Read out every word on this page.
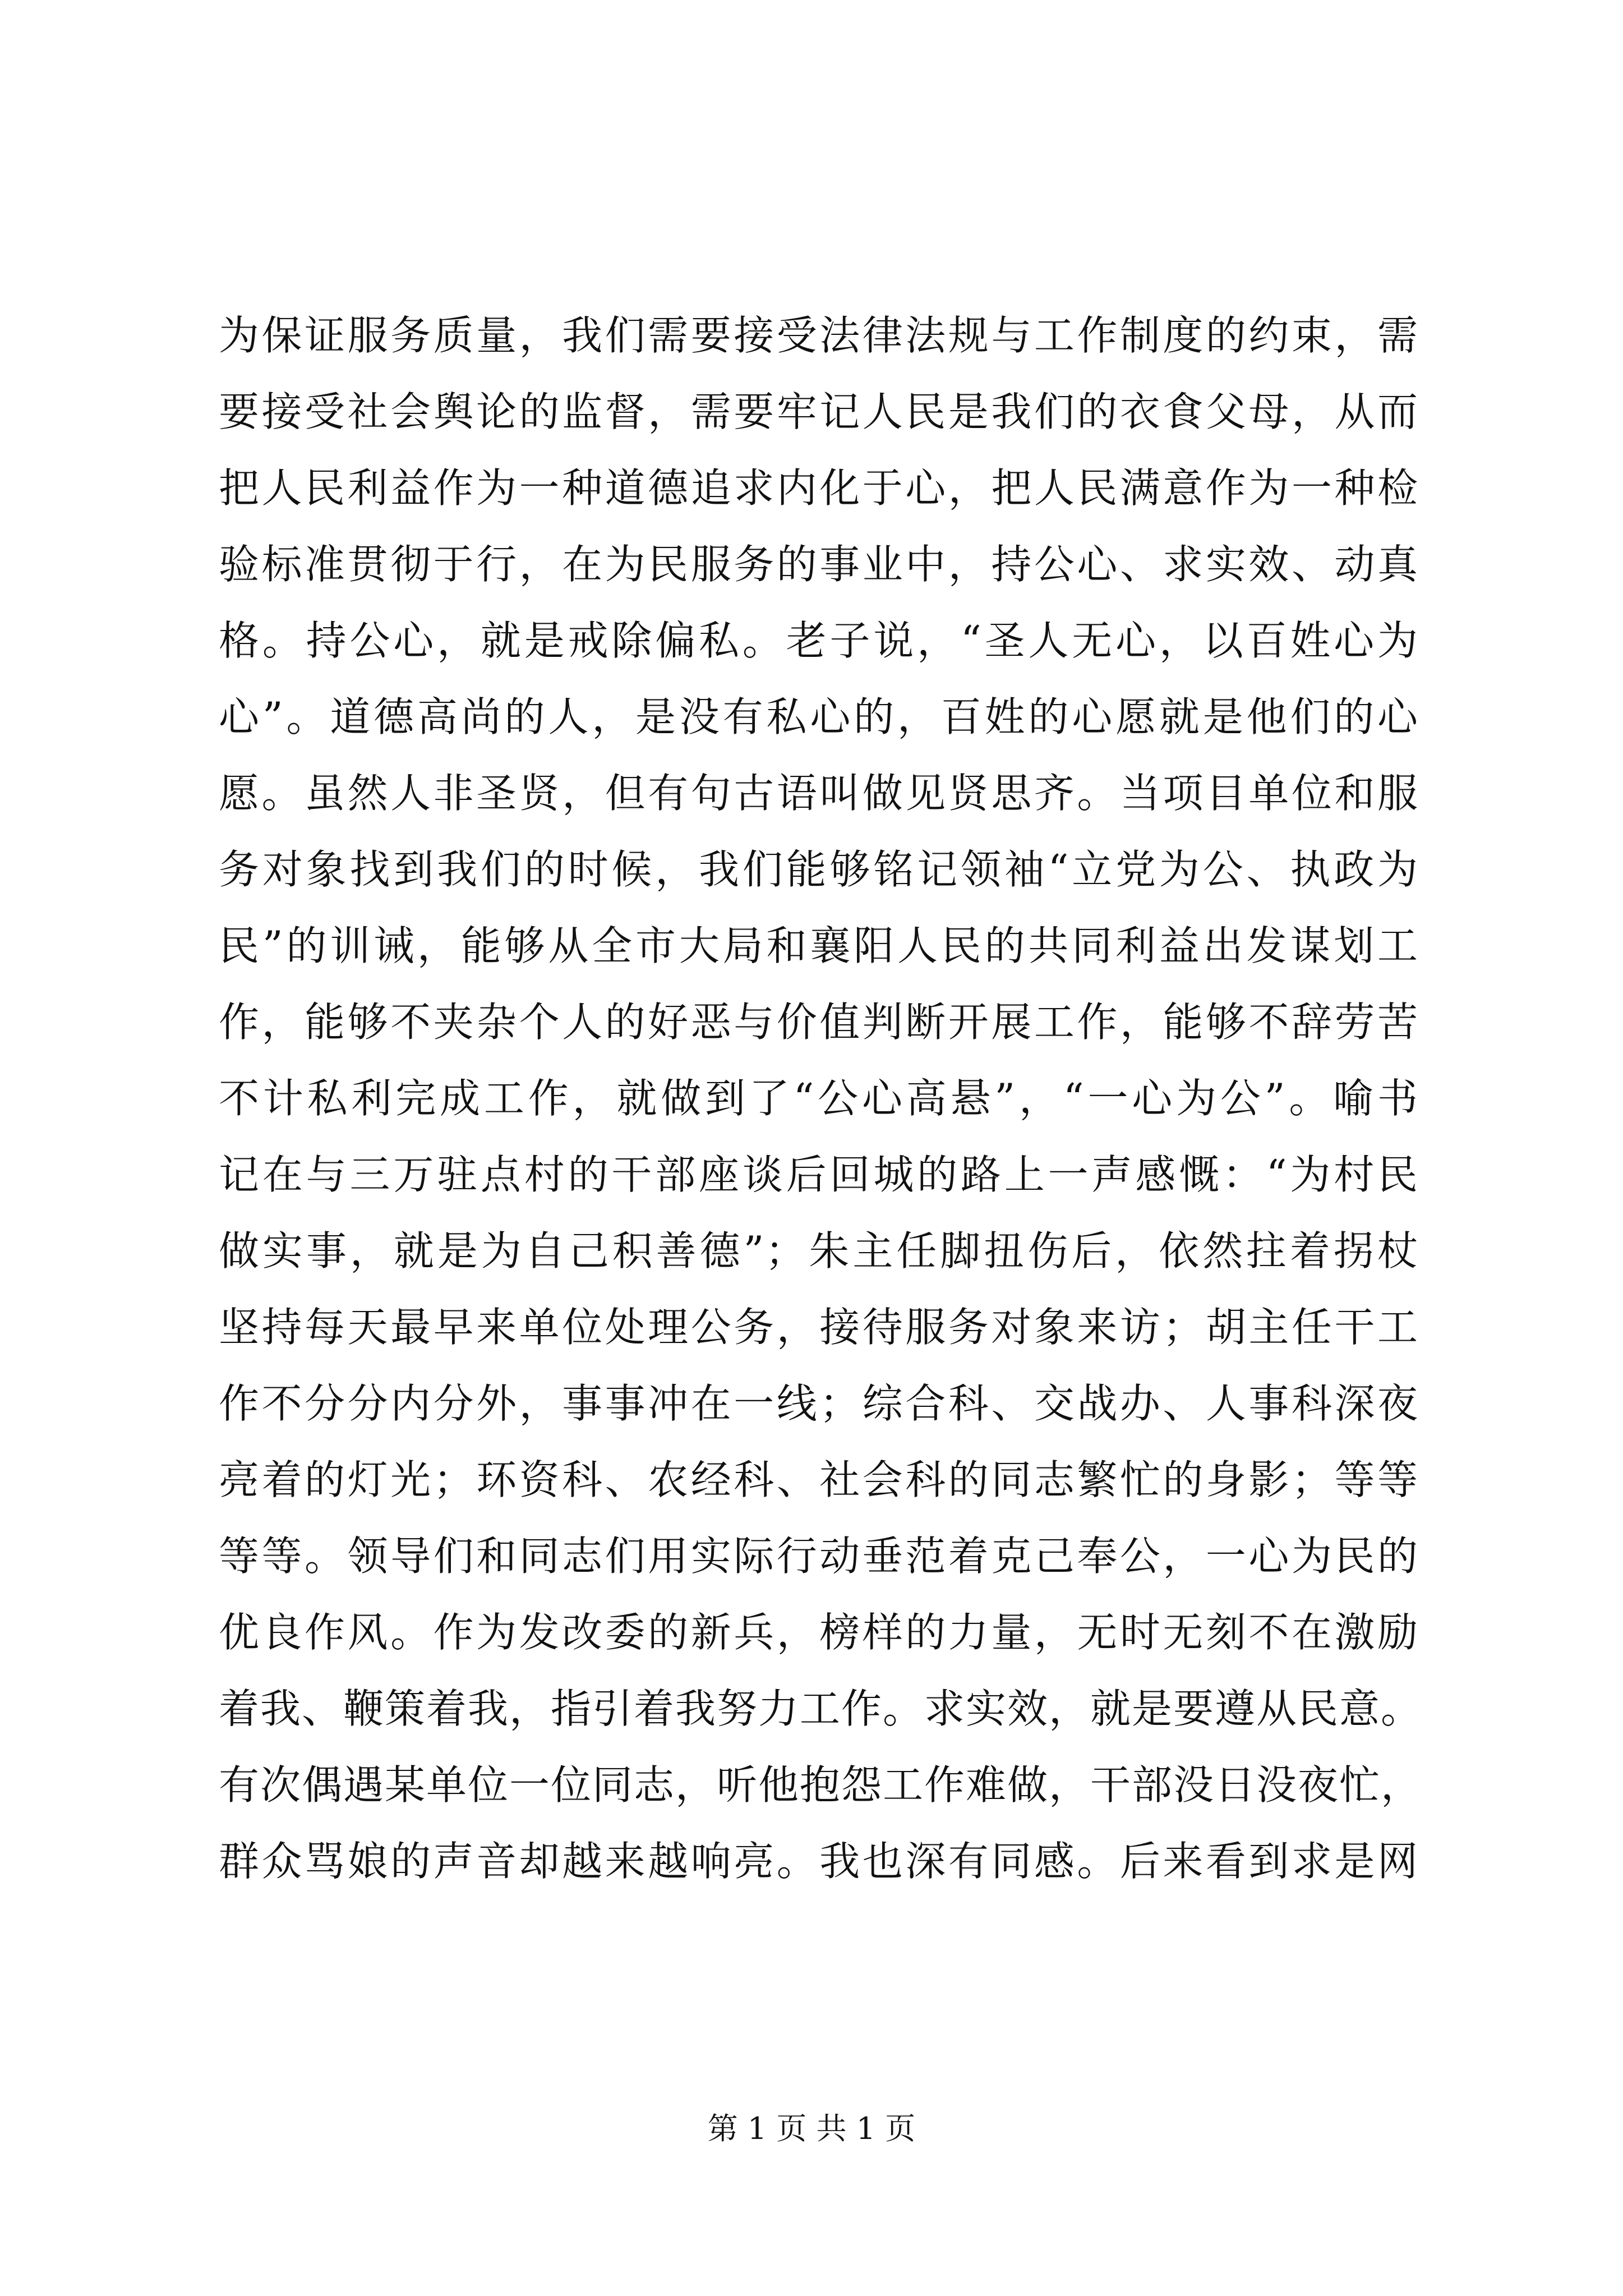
为保证服务质量，我们需要接受法律法规与工作制度的约束，需
要接受社会舆论的监督，需要牢记人民是我们的衣食父母，从而
把人民利益作为一种道德追求内化于心，把人民满意作为一种检
验标准贯彻于行，在为民服务的事业中，持公心、求实效、动真
格。持公心，就是戒除偏私。老子说，“圣人无心，以百姓心为
心”。道德高尚的人，是没有私心的，百姓的心愿就是他们的心
愿。虽然人非圣贤，但有句古语叫做见贤思齐。当项目单位和服
务对象找到我们的时候，我们能够铭记领袖“立党为公、执政为
民”的训诫，能够从全市大局和襄阳人民的共同利益出发谋划工
作，能够不夹杂个人的好恶与价值判断开展工作，能够不辞劳苦
不计私利完成工作，就做到了“公心高悬”，“一心为公”。喻书
记在与三万驻点村的干部座谈后回城的路上一声感慨：“为村民
做实事，就是为自己积善德”；朱主任脚扭伤后，依然拄着拐杖
坚持每天最早来单位处理公务，接待服务对象来访；胡主任干工
作不分分内分外，事事冲在一线；综合科、交战办、人事科深夜
亮着的灯光；环资科、农经科、社会科的同志繁忙的身影；等等
等等。领导们和同志们用实际行动垂范着克己奉公，一心为民的
优良作风。作为发改委的新兵，榜样的力量，无时无刻不在激励
着我、鞭策着我，指引着我努力工作。求实效，就是要遵从民意。
有次偶遇某单位一位同志，听他抱怨工作难做，干部没日没夜忙，
群众骂娘的声音却越来越响亮。我也深有同感。后来看到求是网
第 1 页 共 1 页
